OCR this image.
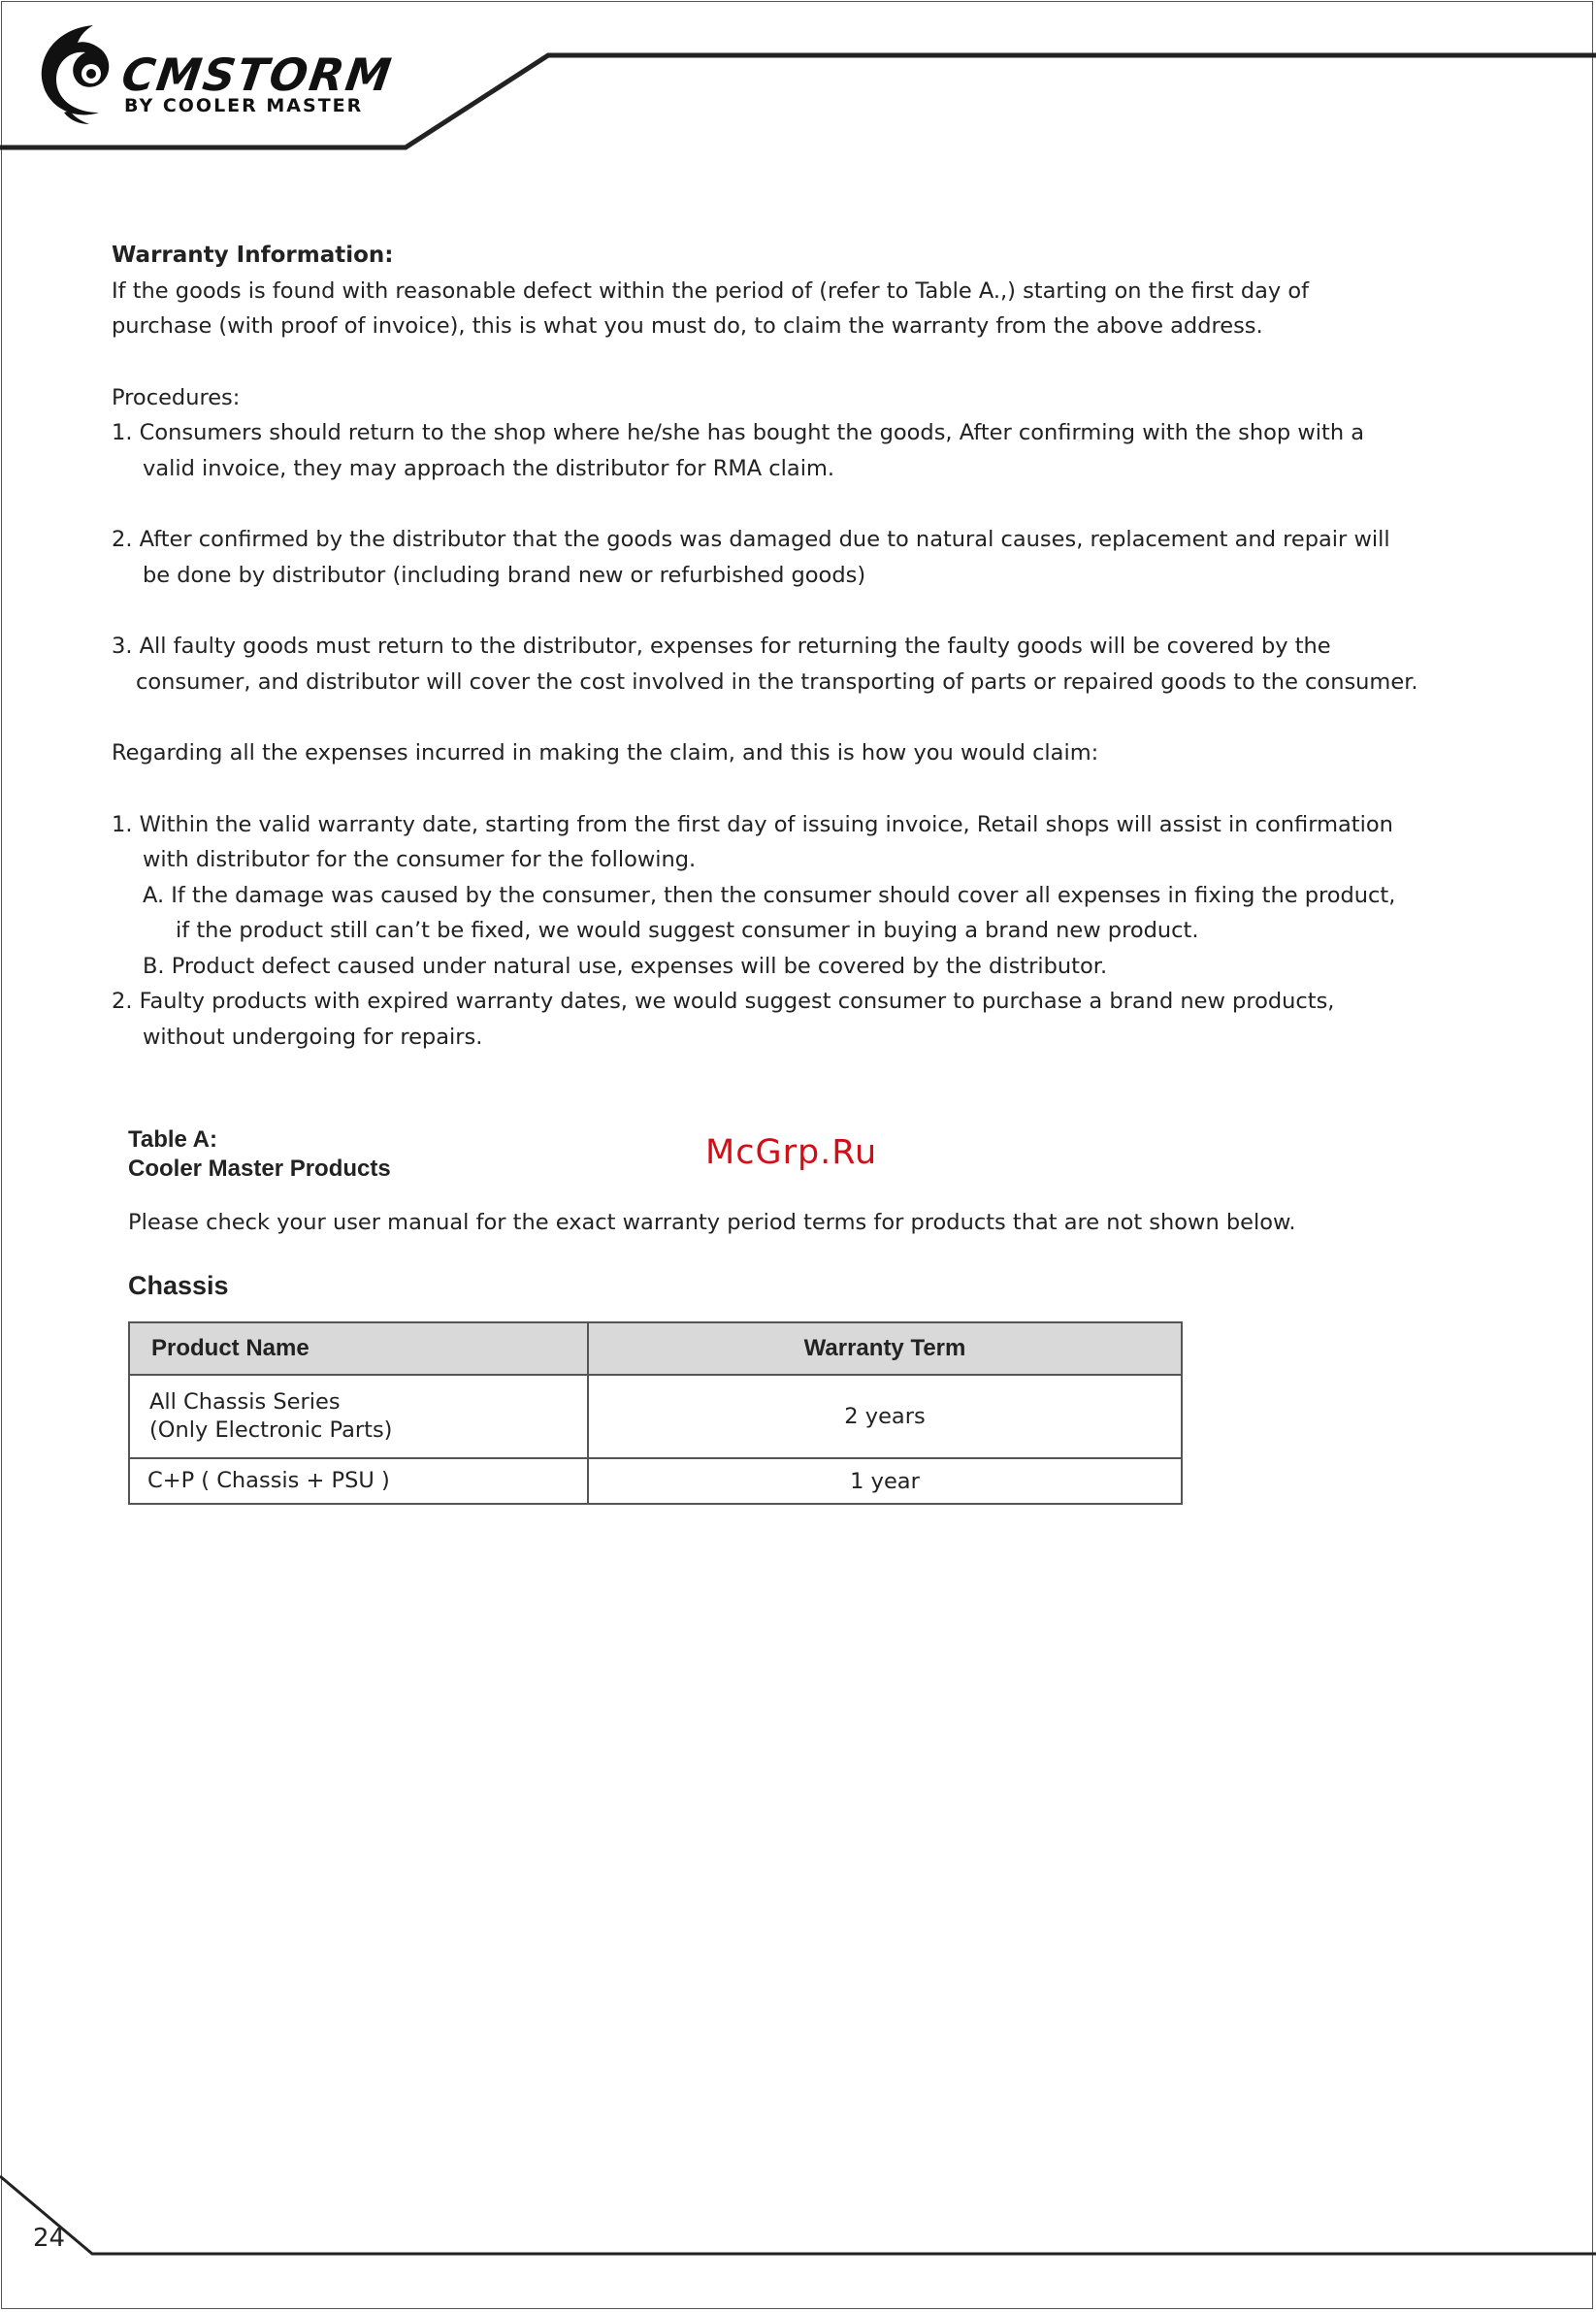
CMSTORM
BY COOLER MASTER

Warranty Information:

If the goods is found with reasonable defect within the period of (refer to Table A.,) starting on the first day of

purchase (with proof of invoice), this is what you must do, to claim the warranty from the above address.

Procedures:

1. Consumers should return to the shop where he/she has bought the goods, After confirming with the shop with a

valid invoice, they may approach the distributor for RMA claim.

2. After confirmed by the distributor that the goods was damaged due to natural causes, replacement and repair will

be done by distributor (including brand new or refurbished goods)

3. All faulty goods must return to the distributor, expenses for returning the faulty goods will be covered by the

consumer, and distributor will cover the cost involved in the transporting of parts or repaired goods to the consumer.

Regarding all the expenses incurred in making the claim, and this is how you would claim:

1. Within the valid warranty date, starting from the first day of issuing invoice, Retail shops will assist in confirmation

with distributor for the consumer for the following.

A. If the damage was caused by the consumer, then the consumer should cover all expenses in fixing the product,

if the product still can’t be fixed, we would suggest consumer in buying a brand new product.

B. Product defect caused under natural use, expenses will be covered by the distributor.

2. Faulty products with expired warranty dates, we would suggest consumer to purchase a brand new products,

without undergoing for repairs.

Table A:
Cooler Master Products
Please check your user manual for the exact warranty period terms for products that are not shown below.
Chassis
McGrp.Ru
Product Name	Warranty Term

All Chassis Series
(Only Electronic Parts)	2 years
C+P ( Chassis + PSU )	1 year
24
